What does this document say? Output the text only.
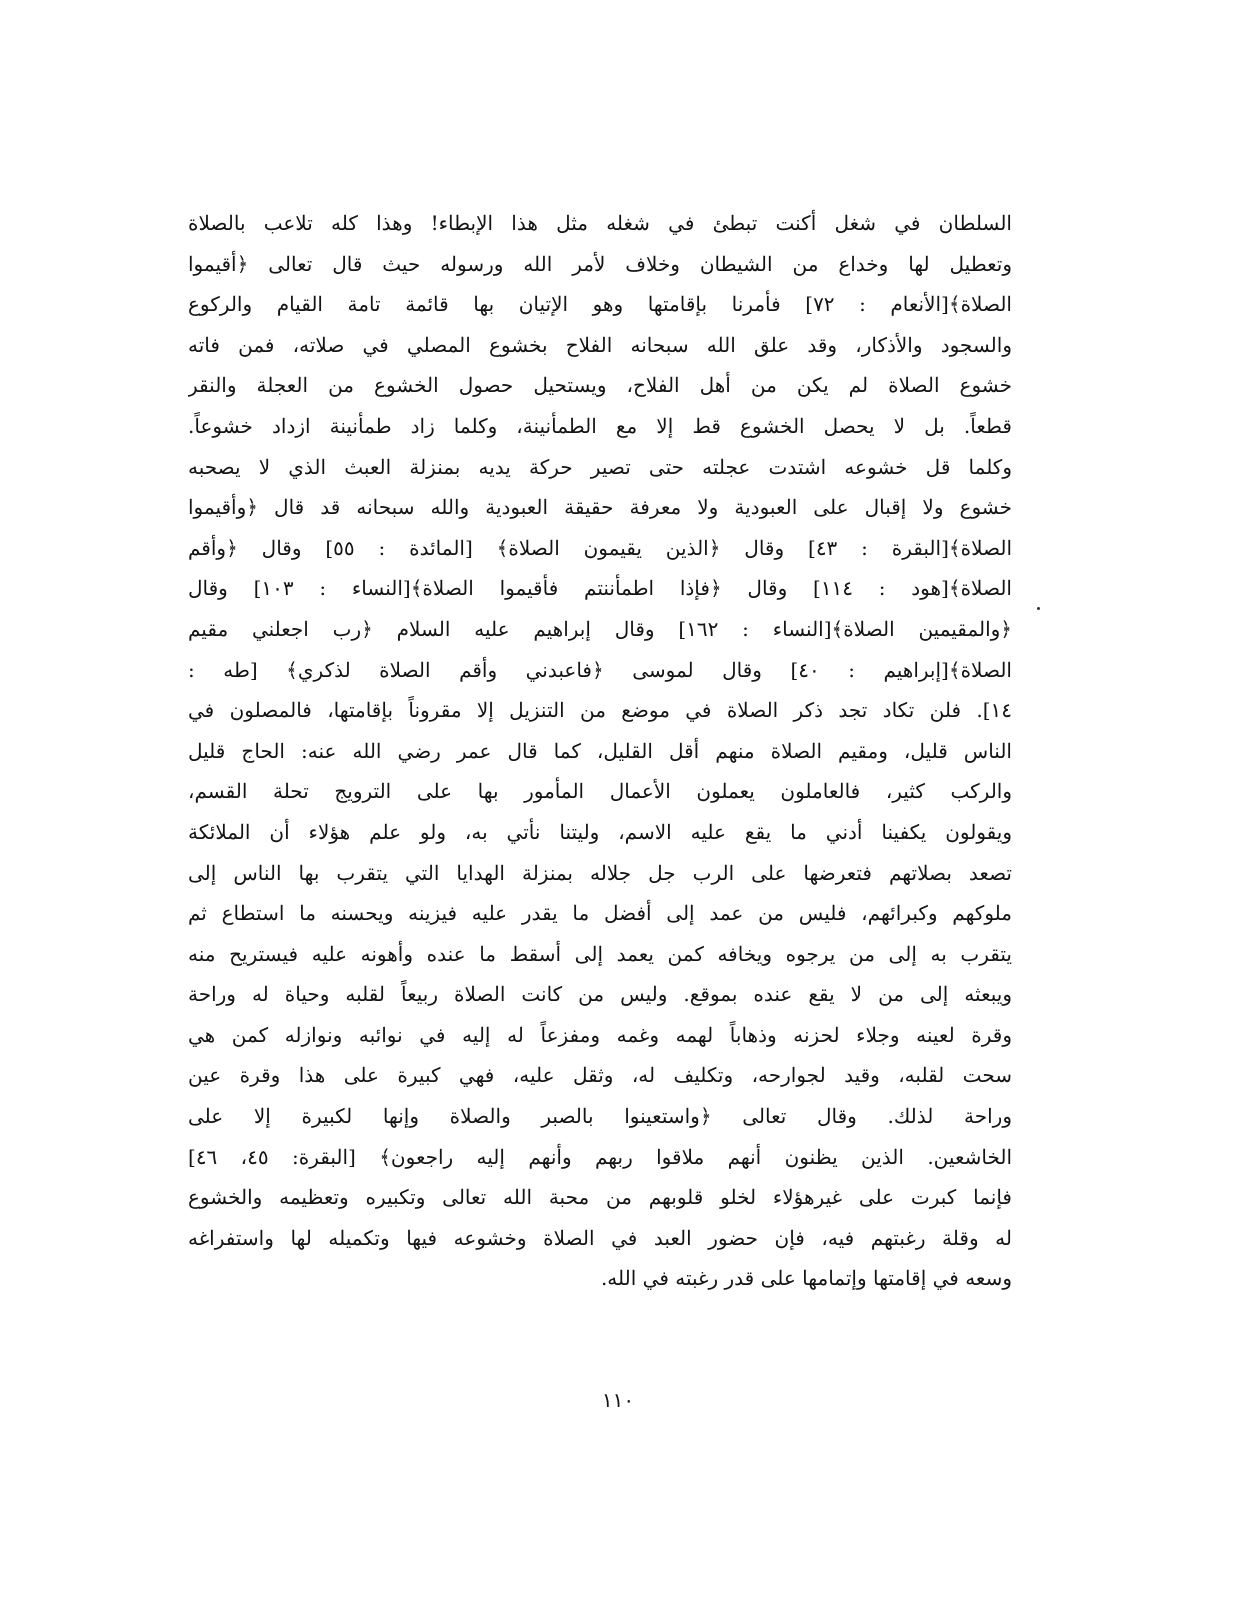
السلطان في شغل أكنت تبطئ في شغله مثل هذا الإبطاء! وهذا كله تلاعب بالصلاة
وتعطيل لها وخداع من الشيطان وخلاف لأمر الله ورسوله حيث قال تعالى ﴿أقيموا
الصلاة﴾[الأنعام : ٧٢] فأمرنا بإقامتها وهو الإتيان بها قائمة تامة القيام والركوع
والسجود والأذكار، وقد علق الله سبحانه الفلاح بخشوع المصلي في صلاته، فمن فاته
خشوع الصلاة لم يكن من أهل الفلاح، ويستحيل حصول الخشوع من العجلة والنقر
قطعاً. بل لا يحصل الخشوع قط إلا مع الطمأنينة، وكلما زاد طمأنينة ازداد خشوعاً.
وكلما قل خشوعه اشتدت عجلته حتى تصير حركة يديه بمنزلة العبث الذي لا يصحبه
خشوع ولا إقبال على العبودية ولا معرفة حقيقة العبودية والله سبحانه قد قال ﴿وأقيموا
الصلاة﴾[البقرة : ٤٣] وقال ﴿الذين يقيمون الصلاة﴾ [المائدة : ٥٥] وقال ﴿وأقم
الصلاة﴾[هود : ١١٤] وقال ﴿فإذا اطمأننتم فأقيموا الصلاة﴾[النساء : ١٠٣] وقال
﴿والمقيمين الصلاة﴾[النساء : ١٦٢] وقال إبراهيم عليه السلام ﴿رب اجعلني مقيم
الصلاة﴾[إبراهيم : ٤٠] وقال لموسى ﴿فاعبدني وأقم الصلاة لذكري﴾ [طه :
١٤]. فلن تكاد تجد ذكر الصلاة في موضع من التنزيل إلا مقروناً بإقامتها، فالمصلون في
الناس قليل، ومقيم الصلاة منهم أقل القليل، كما قال عمر رضي الله عنه: الحاج قليل
والركب كثير، فالعاملون يعملون الأعمال المأمور بها على الترويج تحلة القسم،
ويقولون يكفينا أدني ما يقع عليه الاسم، وليتنا نأتي به، ولو علم هؤلاء أن الملائكة
تصعد بصلاتهم فتعرضها على الرب جل جلاله بمنزلة الهدايا التي يتقرب بها الناس إلى
ملوكهم وكبرائهم، فليس من عمد إلى أفضل ما يقدر عليه فيزينه ويحسنه ما استطاع ثم
يتقرب به إلى من يرجوه ويخافه كمن يعمد إلى أسقط ما عنده وأهونه عليه فيستريح منه
ويبعثه إلى من لا يقع عنده بموقع. وليس من كانت الصلاة ربيعاً لقلبه وحياة له وراحة
وقرة لعينه وجلاء لحزنه وذهاباً لهمه وغمه ومفزعاً له إليه في نوائبه ونوازله كمن هي
سحت لقلبه، وقيد لجوارحه، وتكليف له، وثقل عليه، فهي كبيرة على هذا وقرة عين
وراحة لذلك. وقال تعالى ﴿واستعينوا بالصبر والصلاة وإنها لكبيرة إلا على
الخاشعين. الذين يظنون أنهم ملاقوا ربهم وأنهم إليه راجعون﴾ [البقرة: ٤٥، ٤٦]
فإنما كبرت على غيرهؤلاء لخلو قلوبهم من محبة الله تعالى وتكبيره وتعظيمه والخشوع
له وقلة رغبتهم فيه، فإن حضور العبد في الصلاة وخشوعه فيها وتكميله لها واستفراغه
وسعه في إقامتها وإتمامها على قدر رغبته في الله.
١١٠
